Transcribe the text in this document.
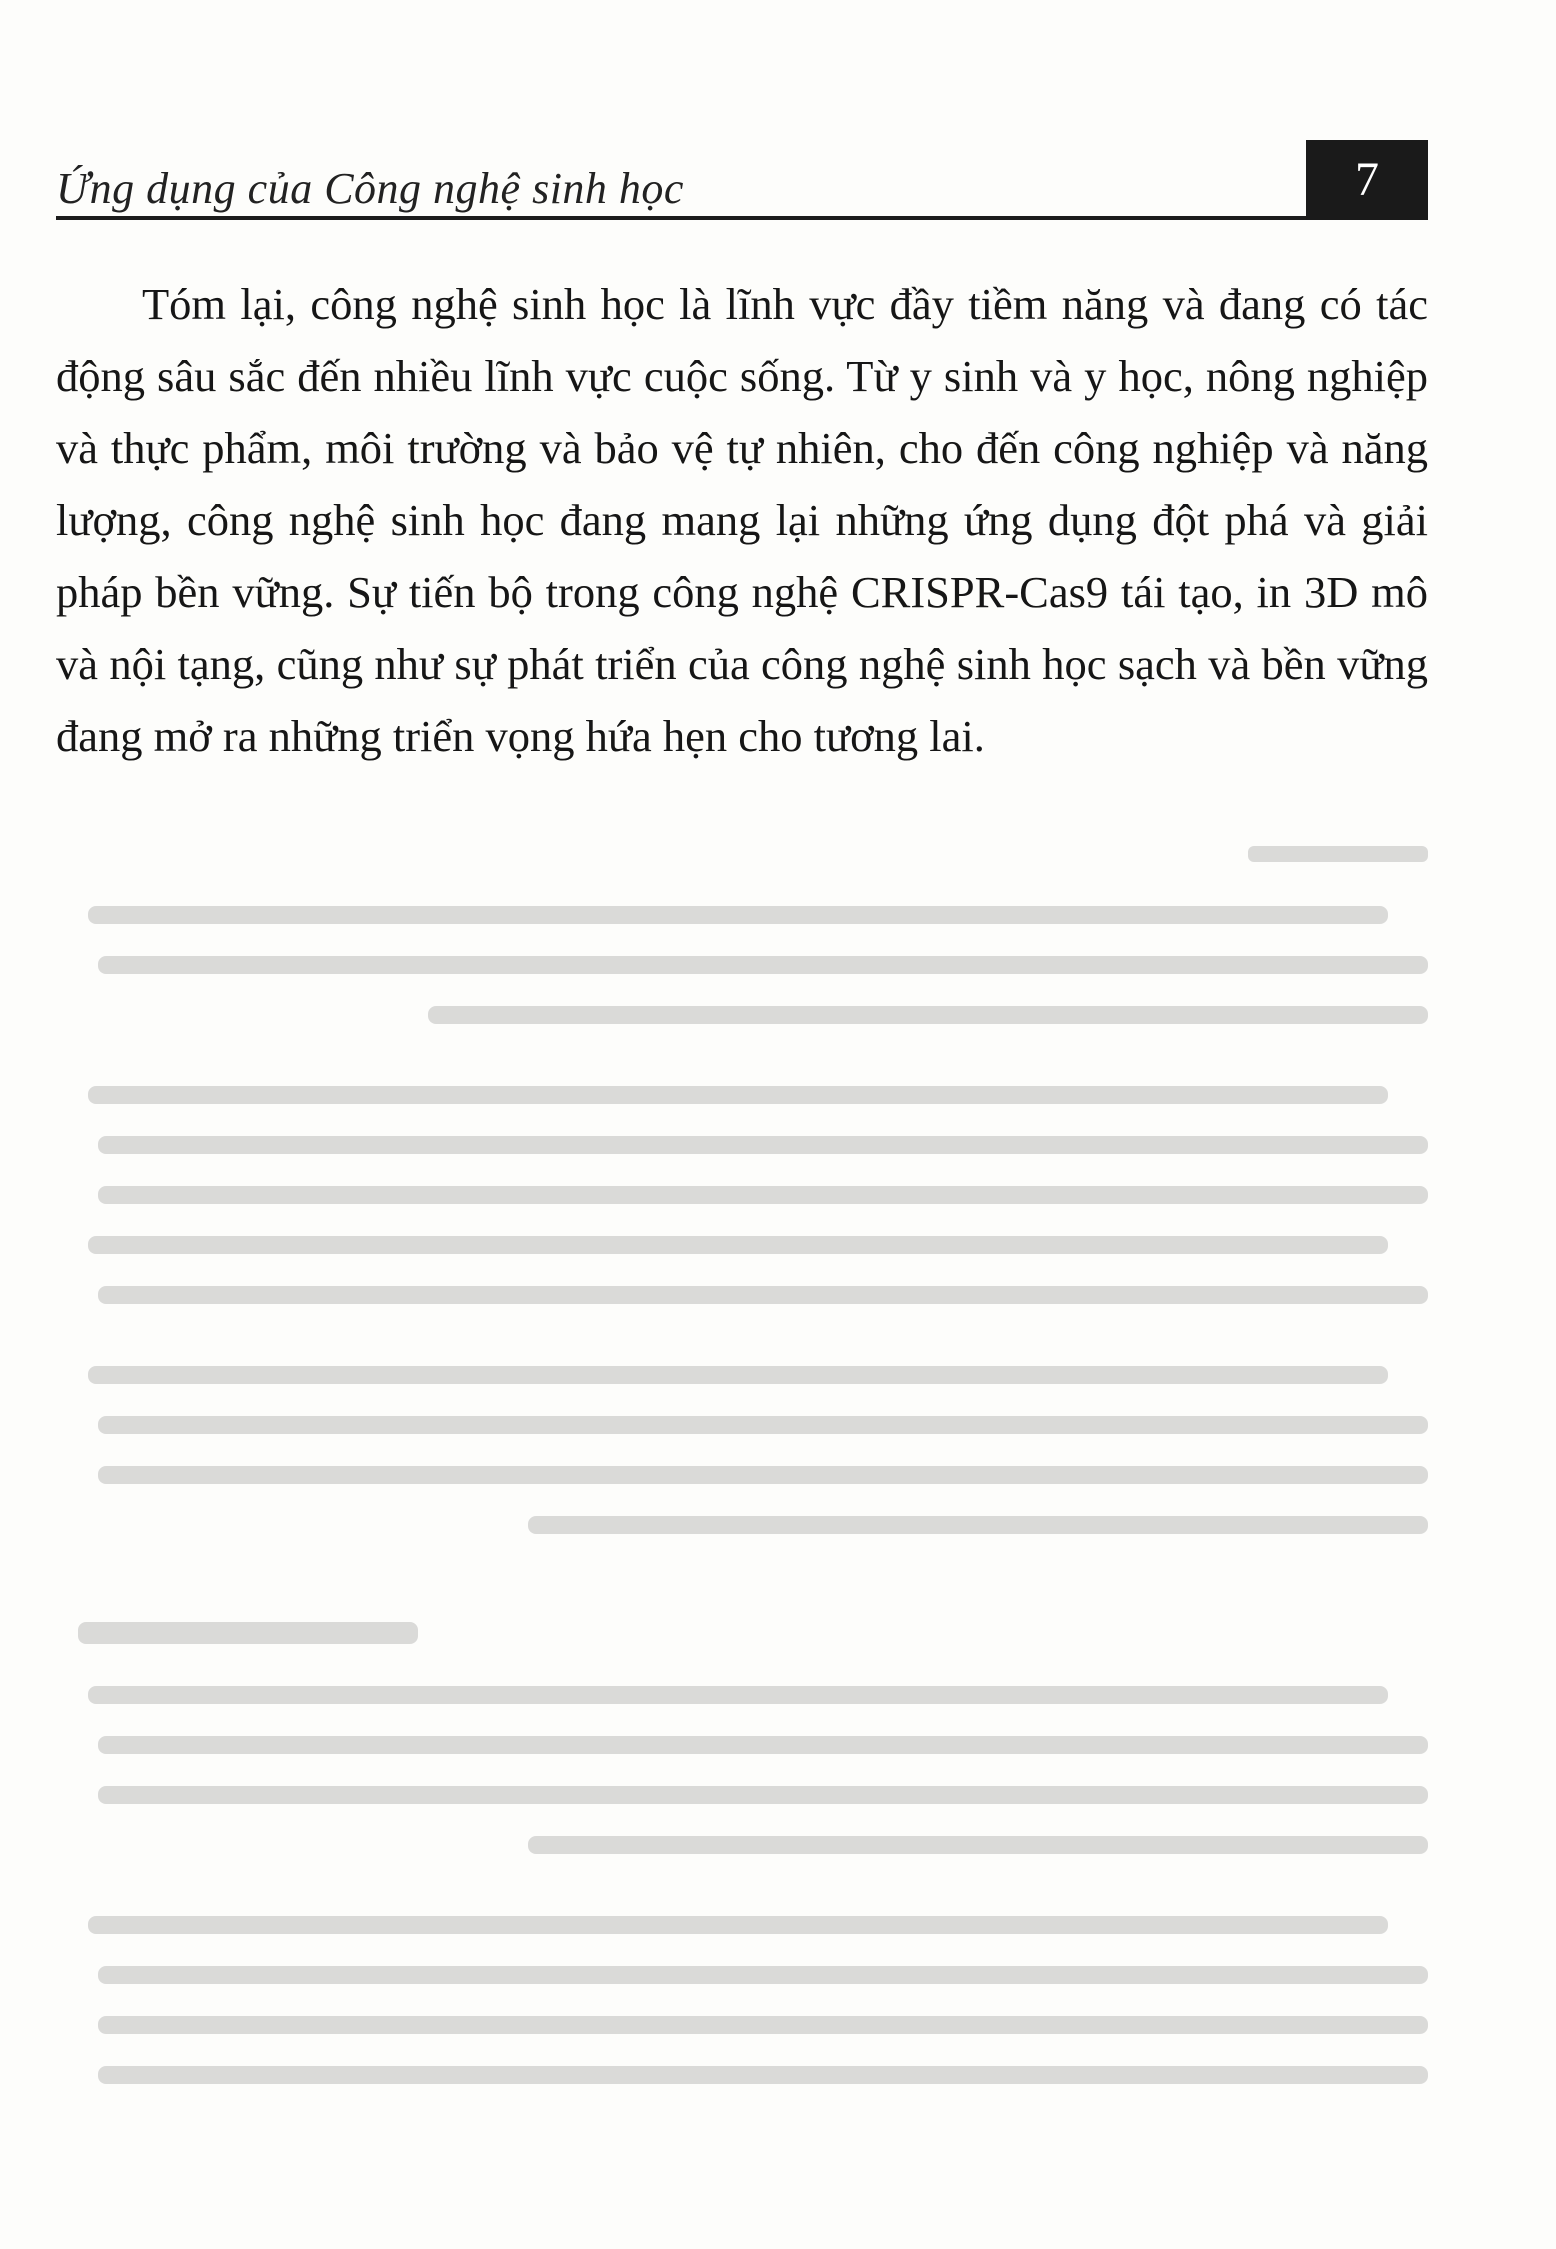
Ứng dụng của Công nghệ sinh học	7

Tóm lại, công nghệ sinh học là lĩnh vực đầy tiềm năng và đang có tác động sâu sắc đến nhiều lĩnh vực cuộc sống. Từ y sinh và y học, nông nghiệp và thực phẩm, môi trường và bảo vệ tự nhiên, cho đến công nghiệp và năng lượng, công nghệ sinh học đang mang lại những ứng dụng đột phá và giải pháp bền vững. Sự tiến bộ trong công nghệ CRISPR-Cas9 tái tạo, in 3D mô và nội tạng, cũng như sự phát triển của công nghệ sinh học sạch và bền vững đang mở ra những triển vọng hứa hẹn cho tương lai.
